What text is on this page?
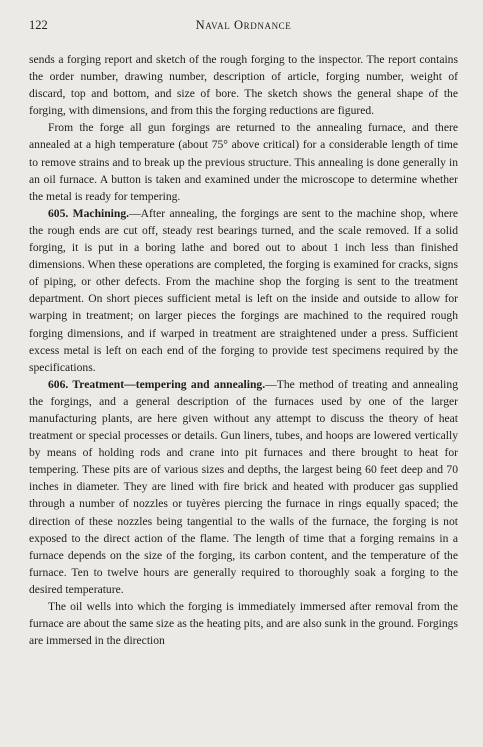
122	Naval Ordnance

sends a forging report and sketch of the rough forging to the inspector. The report contains the order number, drawing number, description of article, forging number, weight of discard, top and bottom, and size of bore. The sketch shows the general shape of the forging, with dimensions, and from this the forging reductions are figured.

From the forge all gun forgings are returned to the annealing furnace, and there annealed at a high temperature (about 75° above critical) for a considerable length of time to remove strains and to break up the previous structure. This annealing is done generally in an oil furnace. A button is taken and examined under the microscope to determine whether the metal is ready for tempering.

605. Machining.—After annealing, the forgings are sent to the machine shop, where the rough ends are cut off, steady rest bearings turned, and the scale removed. If a solid forging, it is put in a boring lathe and bored out to about 1 inch less than finished dimensions. When these operations are completed, the forging is examined for cracks, signs of piping, or other defects. From the machine shop the forging is sent to the treatment department. On short pieces sufficient metal is left on the inside and outside to allow for warping in treatment; on larger pieces the forgings are machined to the required rough forging dimensions, and if warped in treatment are straightened under a press. Sufficient excess metal is left on each end of the forging to provide test specimens required by the specifications.

606. Treatment—tempering and annealing.—The method of treating and annealing the forgings, and a general description of the furnaces used by one of the larger manufacturing plants, are here given without any attempt to discuss the theory of heat treatment or special processes or details. Gun liners, tubes, and hoops are lowered vertically by means of holding rods and crane into pit furnaces and there brought to heat for tempering. These pits are of various sizes and depths, the largest being 60 feet deep and 70 inches in diameter. They are lined with fire brick and heated with producer gas supplied through a number of nozzles or tuyères piercing the furnace in rings equally spaced; the direction of these nozzles being tangential to the walls of the furnace, the forging is not exposed to the direct action of the flame. The length of time that a forging remains in a furnace depends on the size of the forging, its carbon content, and the temperature of the furnace. Ten to twelve hours are generally required to thoroughly soak a forging to the desired temperature.

The oil wells into which the forging is immediately immersed after removal from the furnace are about the same size as the heating pits, and are also sunk in the ground. Forgings are immersed in the direction
